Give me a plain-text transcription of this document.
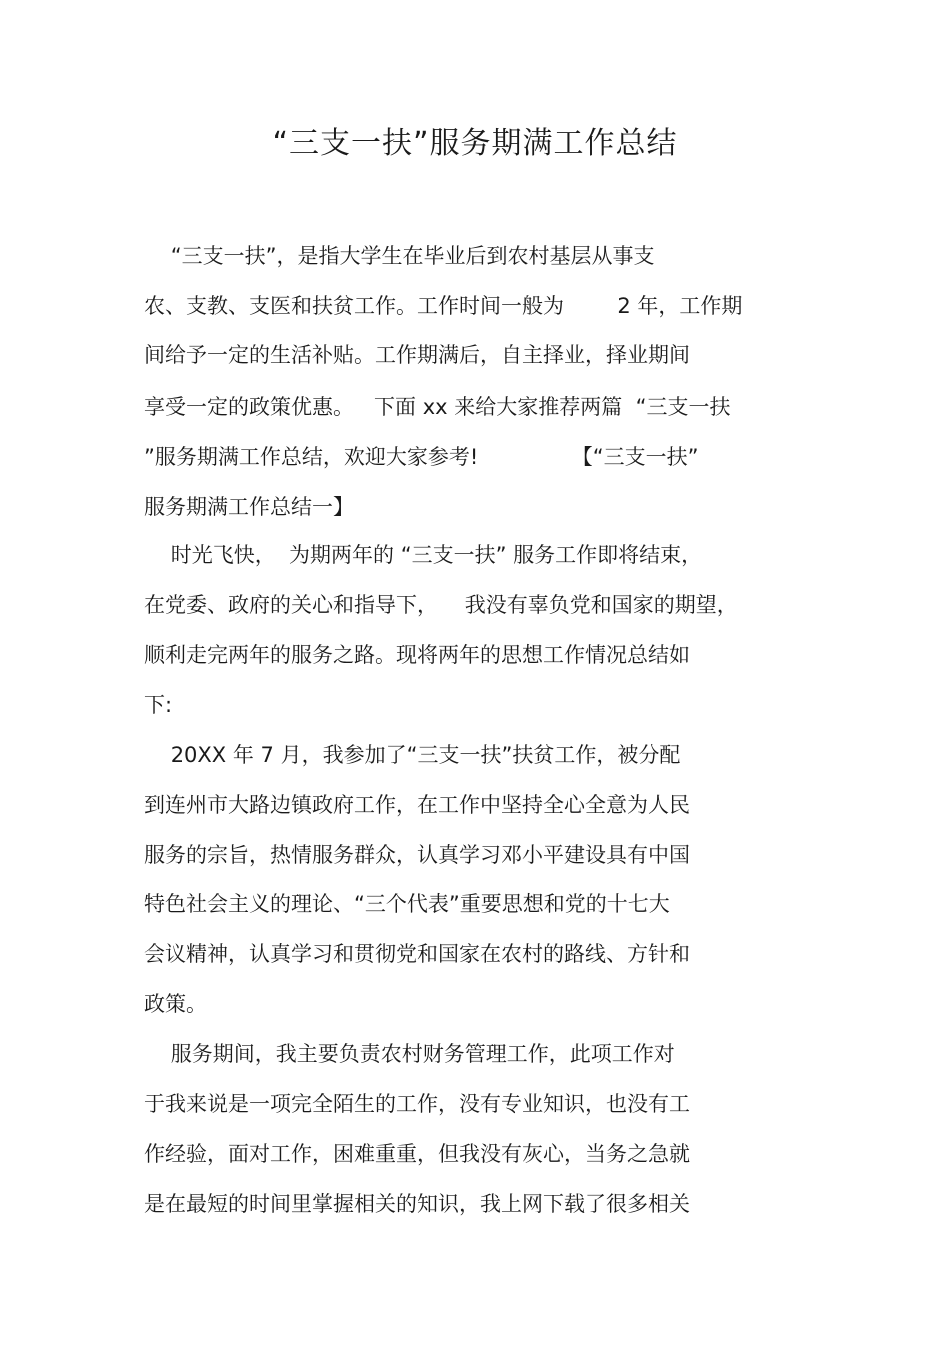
“三支一扶”服务期满工作总结
“三支一扶”，是指大学生在毕业后到农村基层从事支
农、支教、支医和扶贫工作。工作时间一般为        2 年，工作期
间给予一定的生活补贴。工作期满后，自主择业，择业期间
享受一定的政策优惠。   下面 xx 来给大家推荐两篇  “三支一扶
”服务期满工作总结，欢迎大家参考!              【“三支一扶”
服务期满工作总结一】
时光飞快，  为期两年的 “三支一扶” 服务工作即将结束，
在党委、政府的关心和指导下，    我没有辜负党和国家的期望，
顺利走完两年的服务之路。现将两年的思想工作情况总结如
下:
20XX 年 7 月，我参加了“三支一扶”扶贫工作，被分配
到连州市大路边镇政府工作，在工作中坚持全心全意为人民
服务的宗旨，热情服务群众，认真学习邓小平建设具有中国
特色社会主义的理论、“三个代表”重要思想和党的十七大
会议精神，认真学习和贯彻党和国家在农村的路线、方针和
政策。
服务期间，我主要负责农村财务管理工作，此项工作对
于我来说是一项完全陌生的工作，没有专业知识，也没有工
作经验，面对工作，困难重重，但我没有灰心，当务之急就
是在最短的时间里掌握相关的知识，我上网下载了很多相关
